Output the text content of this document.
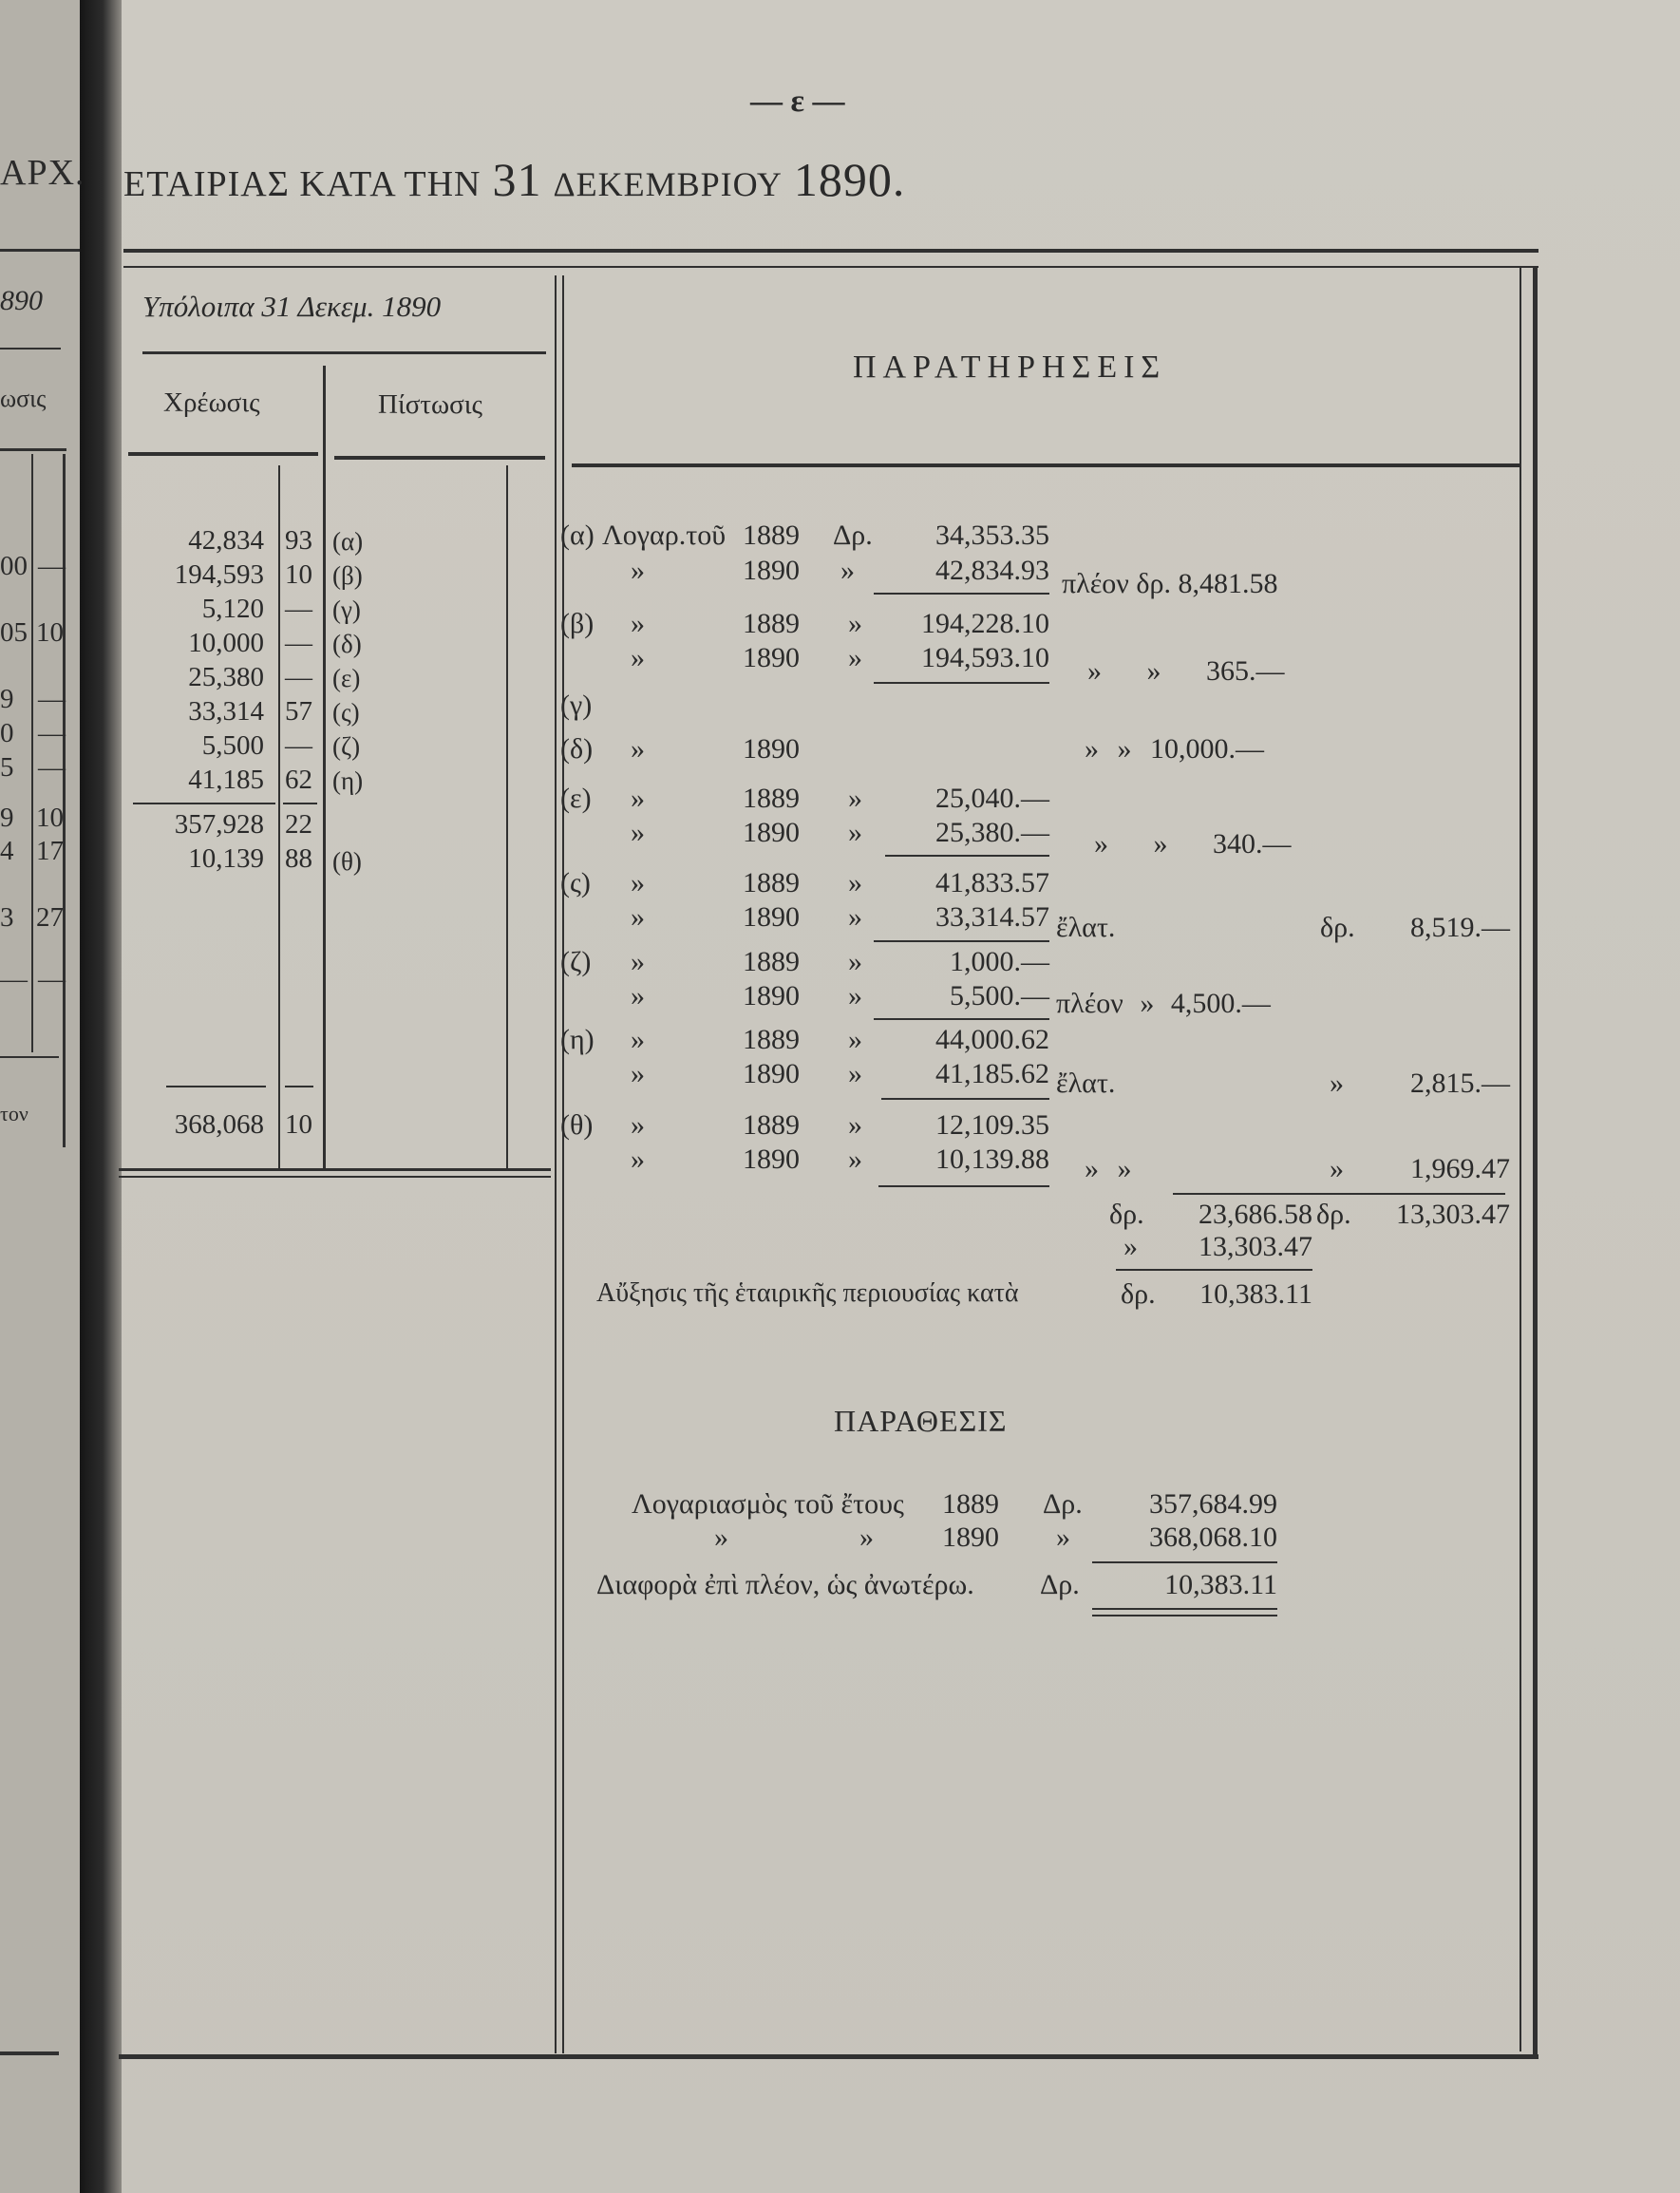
ΑΡΧ.
890
ωσις
00 —
05 10
9 —
0 —
5 —
9 10
4 17
3 27
— —
τον
— ε —
ΕΤΑΙΡΙΑΣ ΚΑΤΑ ΤΗΝ 31 ΔΕΚΕΜΒΡΙΟΥ 1890.
Υπόλοιπα 31 Δεκεμ. 1890
Χρέωσις	Πίστωσις
42,834 93 (α)
194,593 10 (β)
5,120 — (γ)
10,000 — (δ)
25,380 — (ε)
33,314 57 (ς)
5,500 — (ζ)
41,185 62 (η)
357,928 22
10,139 88 (θ)
368,068 10
ΠΑΡΑΤΗΡΗΣΕΙΣ
(α) Λογαρ.τοῦ 1889 Δρ.	34,353.35
»	1890 »	42,834.93 πλέον δρ. 8,481.58
(β) »	1889 »	194,228.10
»	1890 »	194,593.10 » » 365.—
(γ)
(δ) »	1890	» » 10,000.—
(ε) »	1889 »	25,040.—
»	1890 »	25,380.— » » 340.—
(ς) »	1889 »	41,833.57
»	1890 »	33,314.57 ἔλατ.	δρ.	8,519.—
(ζ) »	1889 »	1,000.—
»	1890 »	5,500.— πλέον » 4,500.—
(η) »	1889 »	44,000.62
»	1890 »	41,185.62 ἔλατ.	»	2,815.—
(θ) »	1889 »	12,109.35
»	1890 »	10,139.88 » »	»	1,969.47
δρ.	23,686.58 δρ.	13,303.47
»	13,303.47
Αὔξησις τῆς ἑταιρικῆς περιουσίας κατὰ	δρ.	10,383.11
ΠΑΡΑΘΕΣΙΣ
Λογαριασμὸς τοῦ ἔτους 1889 Δρ.	357,684.99
»	» 1890 »	368,068.10
Διαφορὰ ἐπὶ πλέον, ὡς ἀνωτέρω. Δρ.	10,383.11
